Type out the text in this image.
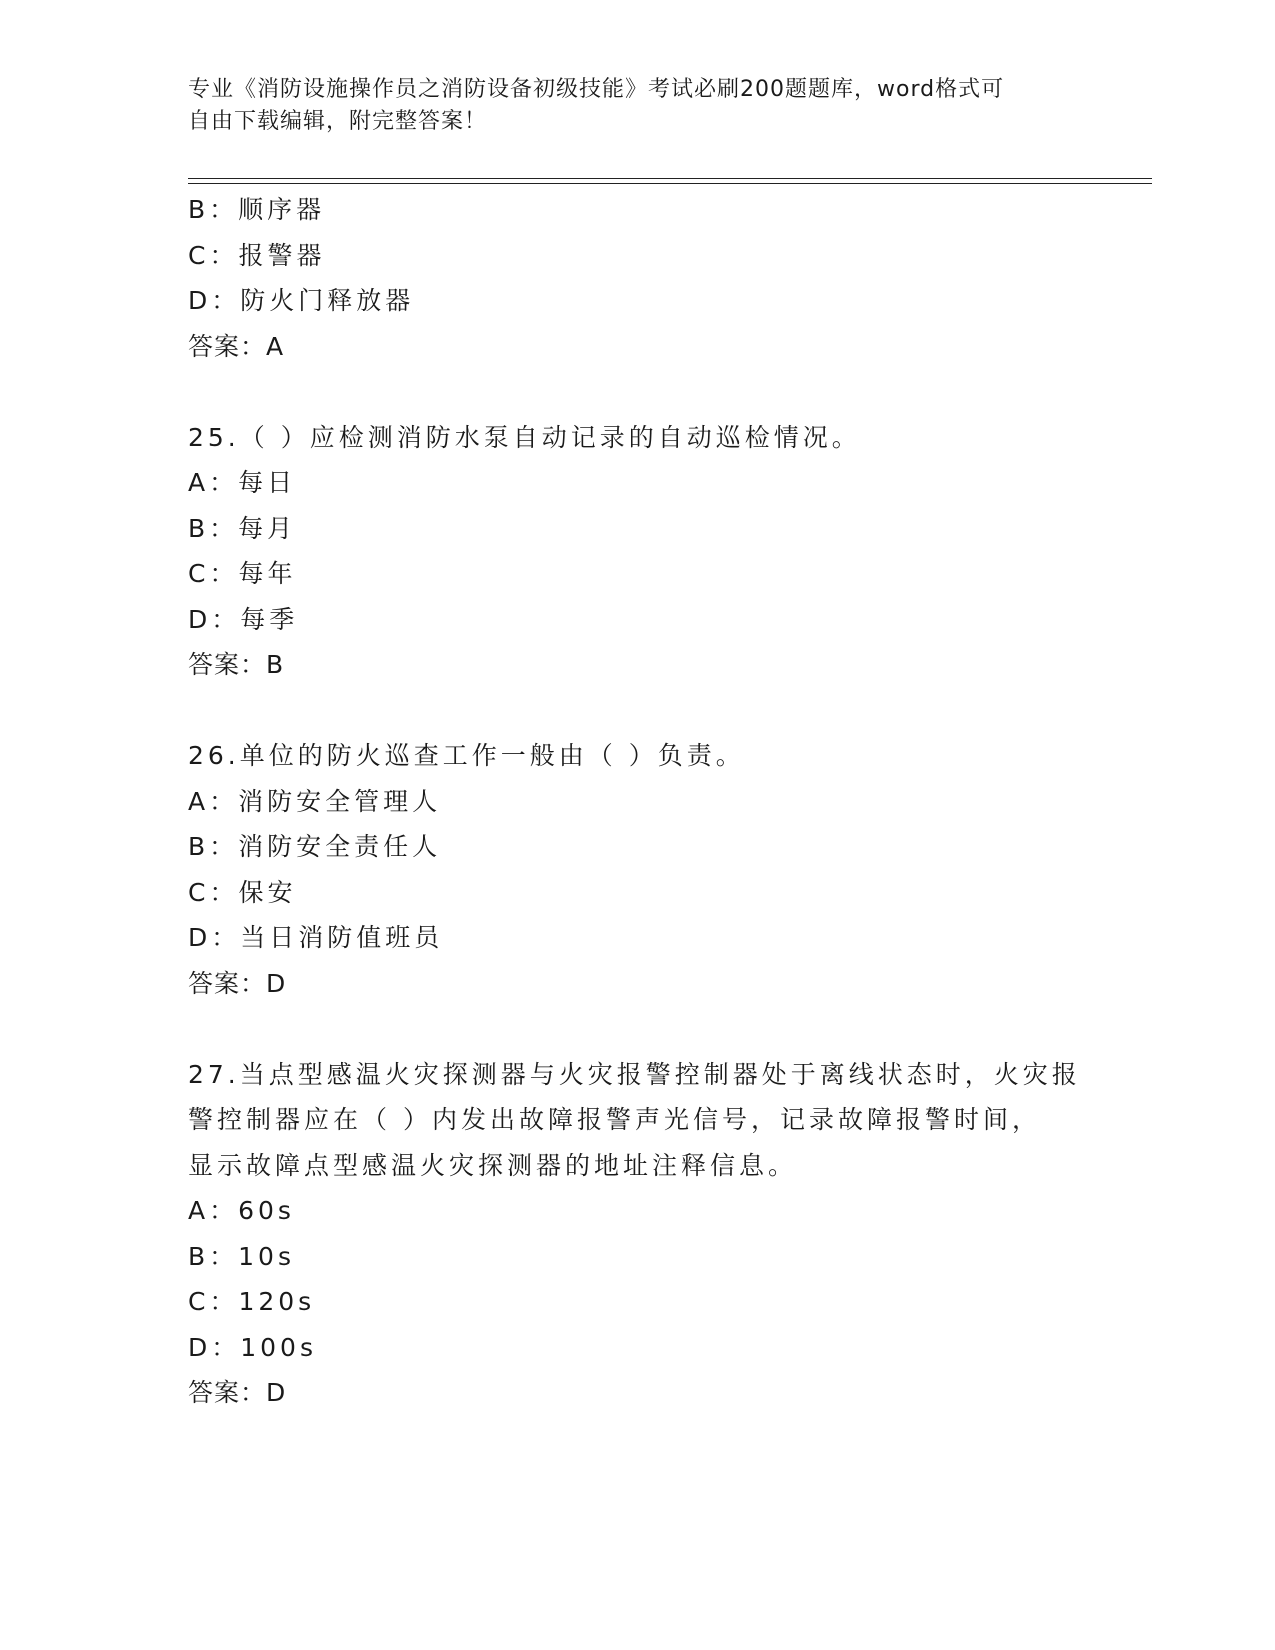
专业《消防设施操作员之消防设备初级技能》考试必刷200题题库，word格式可
自由下载编辑，附完整答案！
B：顺序器
C：报警器
D：防火门释放器
答案：A
25.（ ）应检测消防水泵自动记录的自动巡检情况。
A：每日
B：每月
C：每年
D：每季
答案：B
26.单位的防火巡查工作一般由（ ）负责。
A：消防安全管理人
B：消防安全责任人
C：保安
D：当日消防值班员
答案：D
27.当点型感温火灾探测器与火灾报警控制器处于离线状态时，火灾报
警控制器应在（ ）内发出故障报警声光信号，记录故障报警时间，
显示故障点型感温火灾探测器的地址注释信息。
A：60s
B：10s
C：120s
D：100s
答案：D
